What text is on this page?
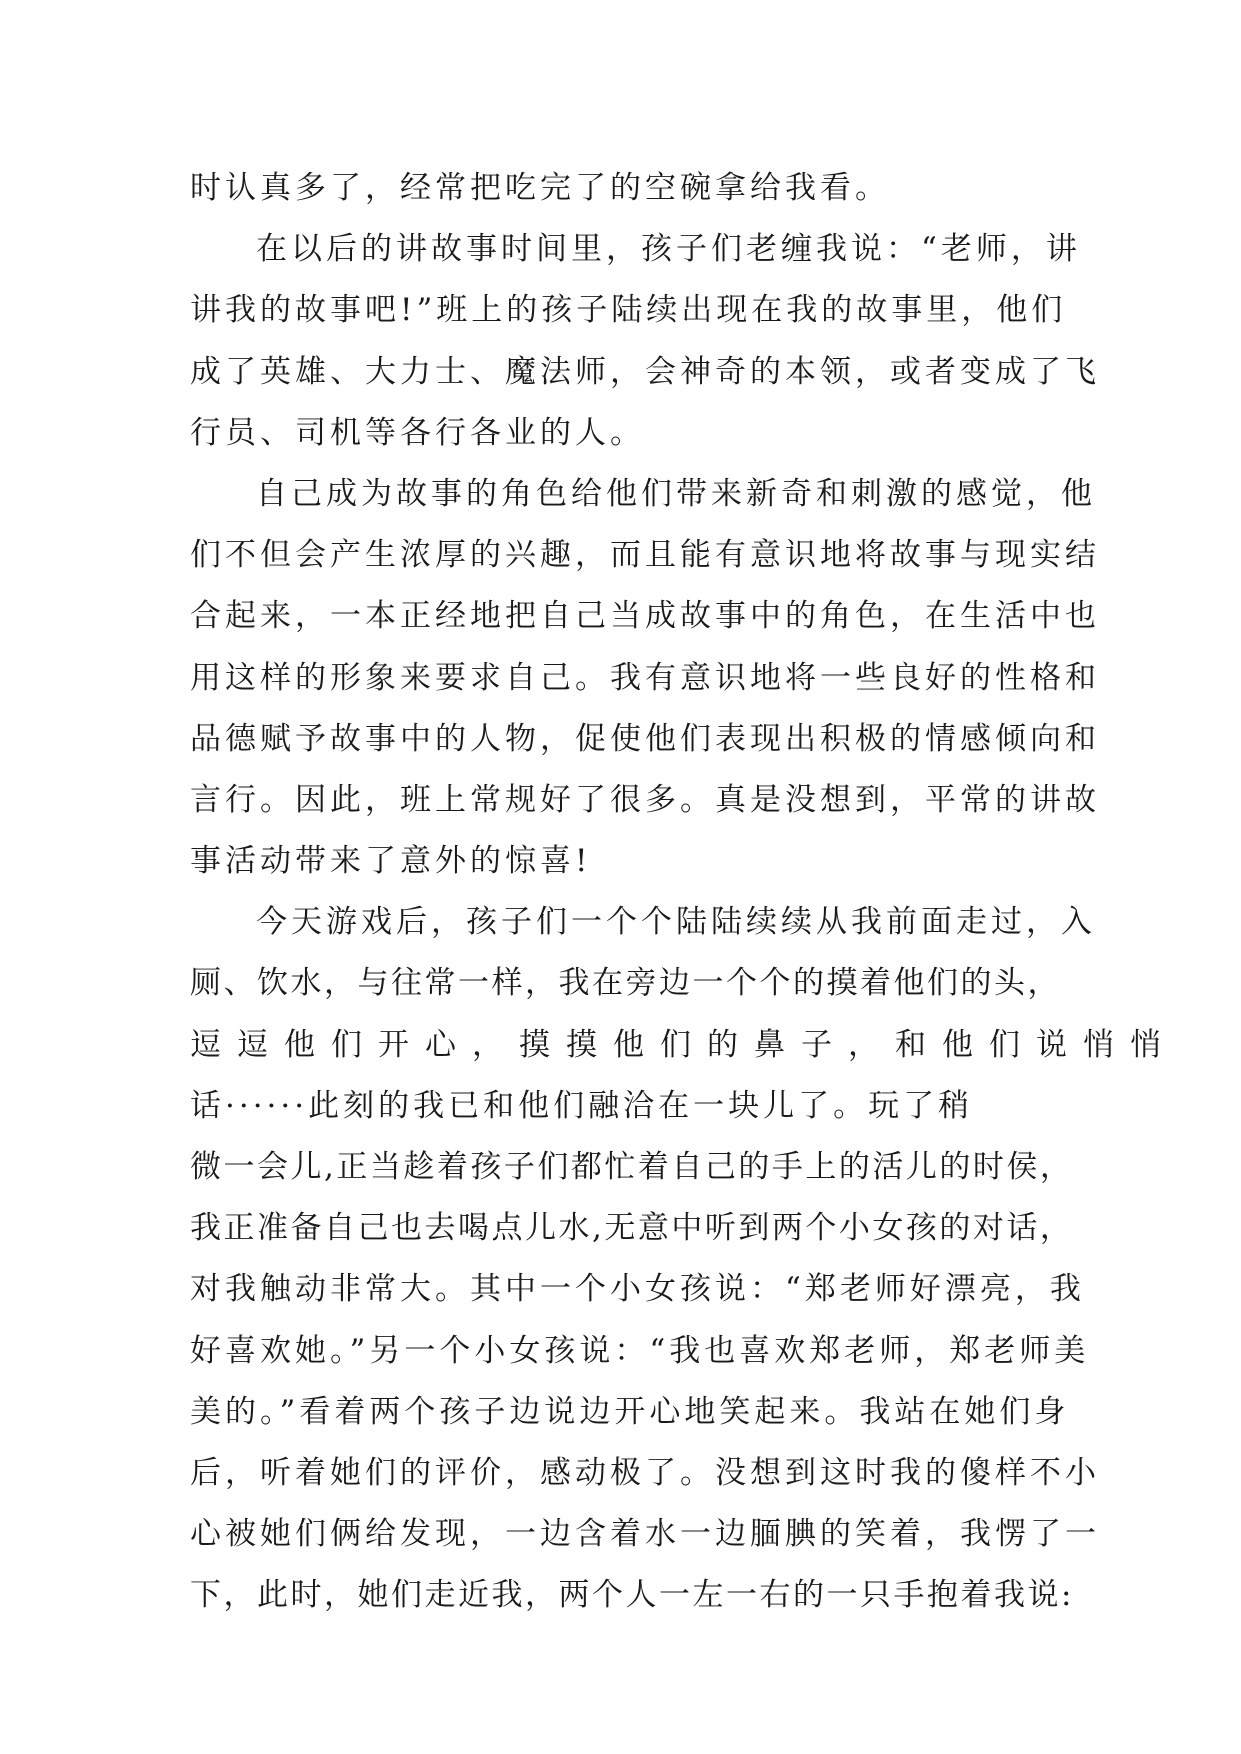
时认真多了，经常把吃完了的空碗拿给我看。
在以后的讲故事时间里，孩子们老缠我说：“老师，讲
讲我的故事吧!”班上的孩子陆续出现在我的故事里，他们
成了英雄、大力士、魔法师，会神奇的本领，或者变成了飞
行员、司机等各行各业的人。
自己成为故事的角色给他们带来新奇和刺激的感觉，他
们不但会产生浓厚的兴趣，而且能有意识地将故事与现实结
合起来，一本正经地把自己当成故事中的角色，在生活中也
用这样的形象来要求自己。我有意识地将一些良好的性格和
品德赋予故事中的人物，促使他们表现出积极的情感倾向和
言行。因此，班上常规好了很多。真是没想到，平常的讲故
事活动带来了意外的惊喜!
今天游戏后，孩子们一个个陆陆续续从我前面走过，入
厕、饮水，与往常一样，我在旁边一个个的摸着他们的头，
逗逗他们开心，摸摸他们的鼻子，和他们说悄悄
话······此刻的我已和他们融洽在一块儿了。玩了稍
微一会儿,正当趁着孩子们都忙着自己的手上的活儿的时侯，
我正准备自己也去喝点儿水,无意中听到两个小女孩的对话，
对我触动非常大。其中一个小女孩说：“郑老师好漂亮，我
好喜欢她。”另一个小女孩说：“我也喜欢郑老师，郑老师美
美的。”看着两个孩子边说边开心地笑起来。我站在她们身
后，听着她们的评价，感动极了。没想到这时我的傻样不小
心被她们俩给发现，一边含着水一边腼腆的笑着，我愣了一
下，此时，她们走近我，两个人一左一右的一只手抱着我说:
